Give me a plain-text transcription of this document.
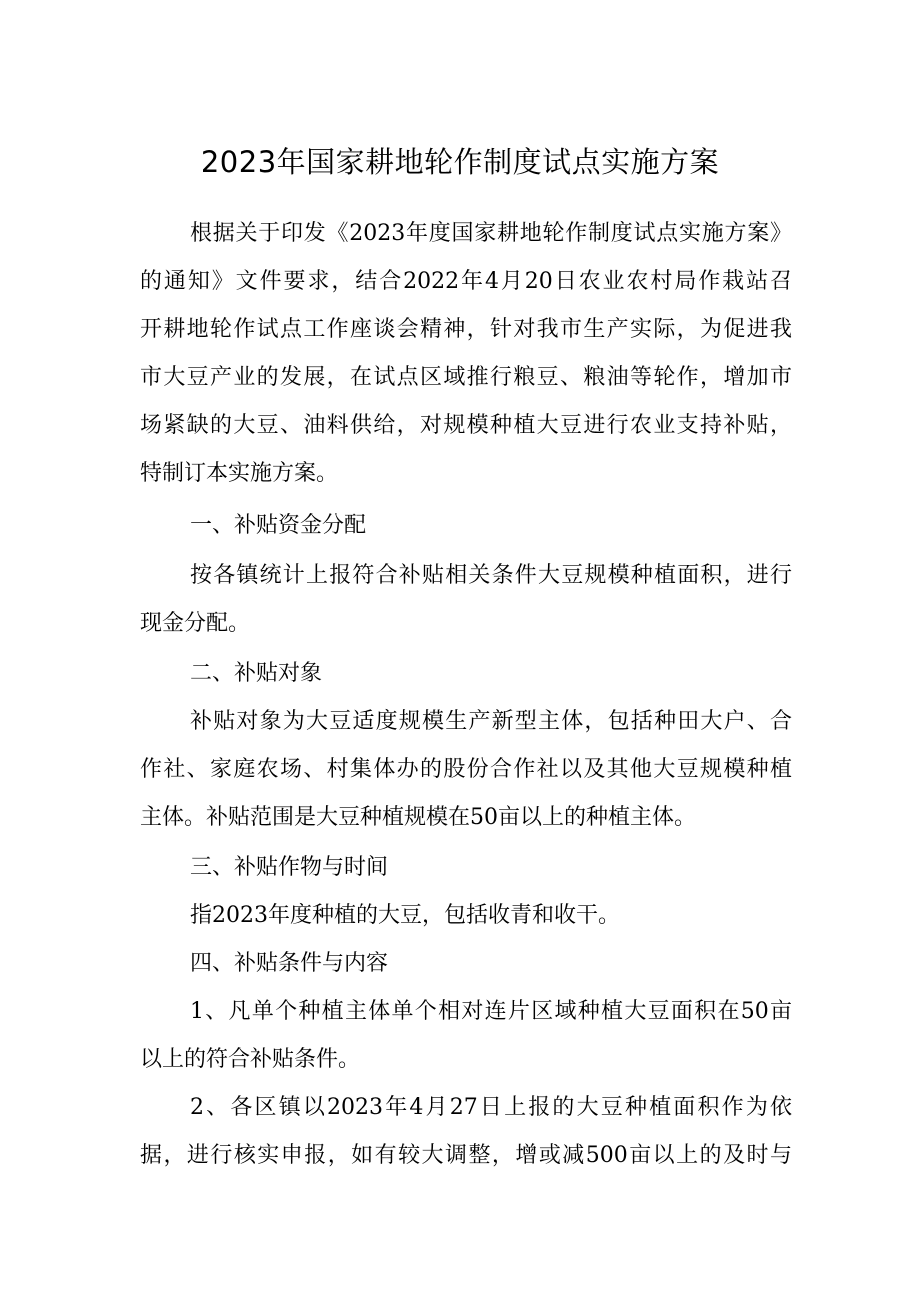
2023年国家耕地轮作制度试点实施方案
根据关于印发《2023年度国家耕地轮作制度试点实施方案》
的通知》文件要求，结合2022年4月20日农业农村局作栽站召
开耕地轮作试点工作座谈会精神，针对我市生产实际，为促进我
市大豆产业的发展，在试点区域推行粮豆、粮油等轮作，增加市
场紧缺的大豆、油料供给，对规模种植大豆进行农业支持补贴，
特制订本实施方案。
一、补贴资金分配
按各镇统计上报符合补贴相关条件大豆规模种植面积，进行
现金分配。
二、补贴对象
补贴对象为大豆适度规模生产新型主体，包括种田大户、合
作社、家庭农场、村集体办的股份合作社以及其他大豆规模种植
主体。补贴范围是大豆种植规模在50亩以上的种植主体。
三、补贴作物与时间
指2023年度种植的大豆，包括收青和收干。
四、补贴条件与内容
1、凡单个种植主体单个相对连片区域种植大豆面积在50亩
以上的符合补贴条件。
2、各区镇以2023年4月27日上报的大豆种植面积作为依
据，进行核实申报，如有较大调整，增或减500亩以上的及时与
